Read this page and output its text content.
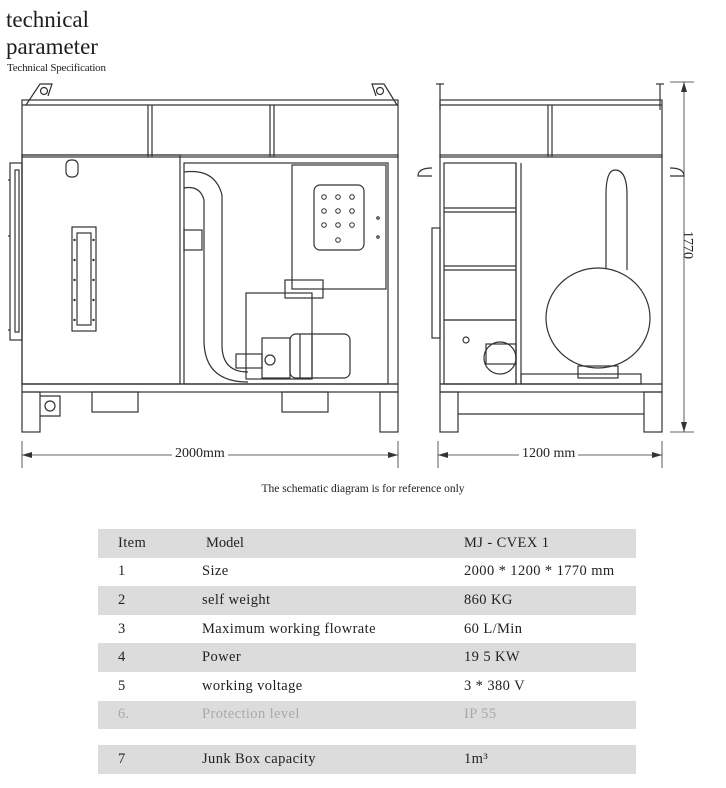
technical
parameter
Technical Specification
2000mm	1200 mm
1770
The schematic diagram is for reference only
Item	Model	MJ - CVEX 1
1	Size	2000 * 1200 * 1770 mm
2	self weight	860 KG
3	Maximum working flowrate	60 L/Min
4	Power	19 5 KW
5	working voltage	3 * 380 V
6.	Protection level	IP 55
7	Junk Box capacity	1m³
